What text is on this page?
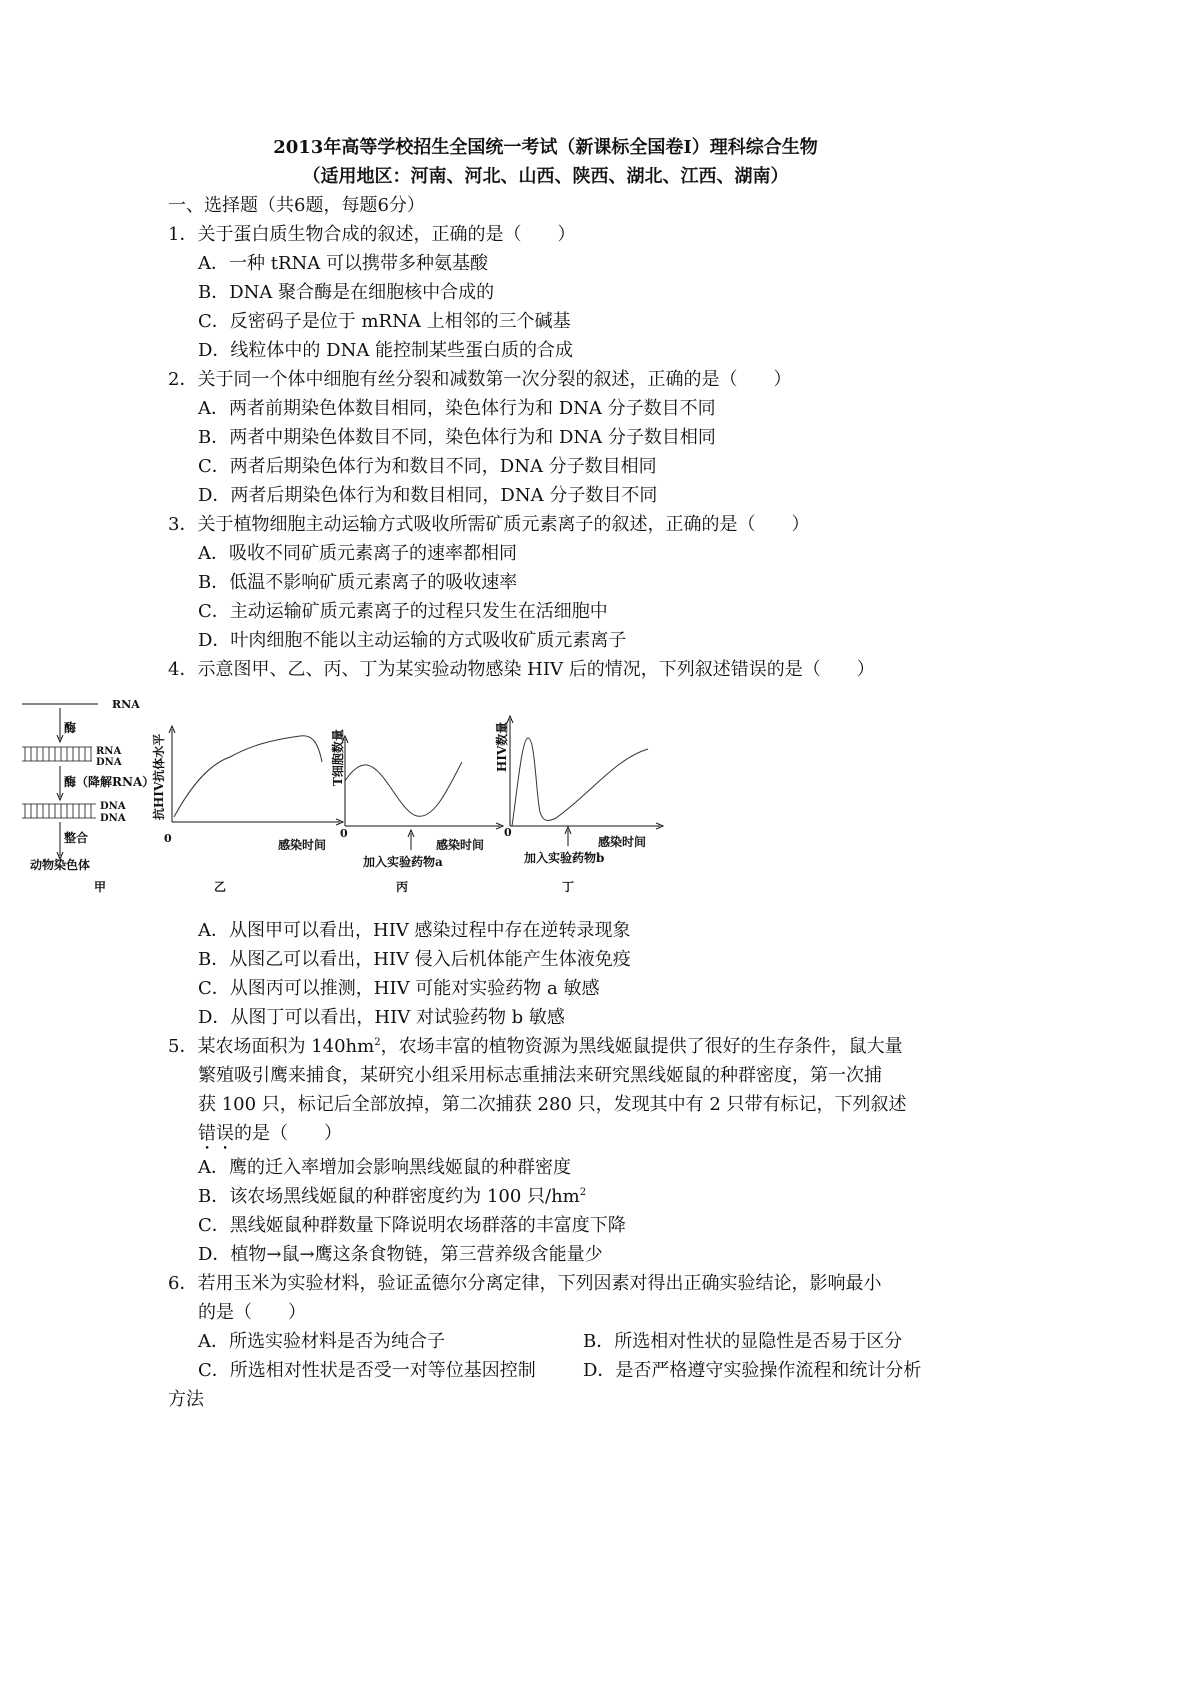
2013年高等学校招生全国统一考试（新课标全国卷Ⅰ）理科综合生物
（适用地区：河南、河北、山西、陕西、湖北、江西、湖南）
一、选择题（共6题，每题6分）
1．关于蛋白质生物合成的叙述，正确的是（　　）
A．一种 tRNA 可以携带多种氨基酸
B．DNA 聚合酶是在细胞核中合成的
C．反密码子是位于 mRNA 上相邻的三个碱基
D．线粒体中的 DNA 能控制某些蛋白质的合成
2．关于同一个体中细胞有丝分裂和减数第一次分裂的叙述，正确的是（　　）
A．两者前期染色体数目相同，染色体行为和 DNA 分子数目不同
B．两者中期染色体数目不同，染色体行为和 DNA 分子数目相同
C．两者后期染色体行为和数目不同，DNA 分子数目相同
D．两者后期染色体行为和数目相同，DNA 分子数目不同
3．关于植物细胞主动运输方式吸收所需矿质元素离子的叙述，正确的是（　　）
A．吸收不同矿质元素离子的速率都相同
B．低温不影响矿质元素离子的吸收速率
C．主动运输矿质元素离子的过程只发生在活细胞中
D．叶肉细胞不能以主动运输的方式吸收矿质元素离子
4．示意图甲、乙、丙、丁为某实验动物感染 HIV 后的情况，下列叙述错误的是（　　）
RNA
酶
RNA
DNA
酶（降解RNA）
DNA
DNA
整合
动物染色体
甲
抗HIV抗体水平
0	感染时间
乙
T细胞数量
0
加入实验药物a
感染时间
丙
HIV数量
0
加入实验药物b
感染时间
丁
A．从图甲可以看出，HIV 感染过程中存在逆转录现象
B．从图乙可以看出，HIV 侵入后机体能产生体液免疫
C．从图丙可以推测，HIV 可能对实验药物 a 敏感
D．从图丁可以看出，HIV 对试验药物 b 敏感
5．某农场面积为 $140hm^2$，农场丰富的植物资源为黑线姬鼠提供了很好的生存条件，鼠大量
繁殖吸引鹰来捕食，某研究小组采用标志重捕法来研究黑线姬鼠的种群密度，第一次捕
获 100 只，标记后全部放掉，第二次捕获 280 只，发现其中有 2 只带有标记，下列叙述
错误的是（　　）
A．鹰的迁入率增加会影响黑线姬鼠的种群密度
B．该农场黑线姬鼠的种群密度约为 100 只$/hm^2$
C．黑线姬鼠种群数量下降说明农场群落的丰富度下降
D．植物→鼠→鹰这条食物链，第三营养级含能量少
6．若用玉米为实验材料，验证孟德尔分离定律，下列因素对得出正确实验结论，影响最小
的是（　　）
A．所选实验材料是否为纯合子	B．所选相对性状的显隐性是否易于区分
C．所选相对性状是否受一对等位基因控制	D．是否严格遵守实验操作流程和统计分析
方法
